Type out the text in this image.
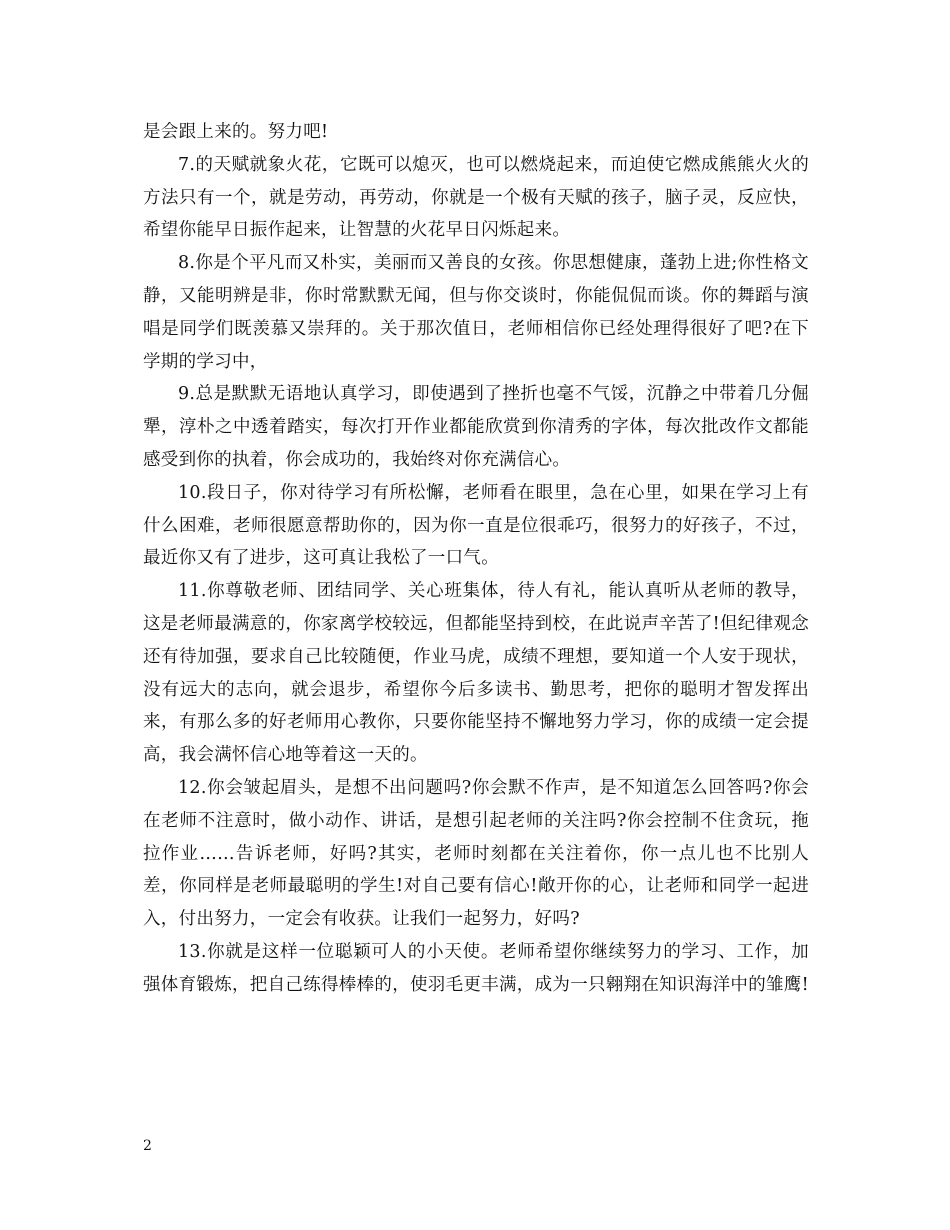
是会跟上来的。努力吧!

7.的天赋就象火花，它既可以熄灭，也可以燃烧起来，而迫使它燃成熊熊火火的方法只有一个，就是劳动，再劳动，你就是一个极有天赋的孩子，脑子灵，反应快，希望你能早日振作起来，让智慧的火花早日闪烁起来。

8.你是个平凡而又朴实，美丽而又善良的女孩。你思想健康，蓬勃上进;你性格文静，又能明辨是非，你时常默默无闻，但与你交谈时，你能侃侃而谈。你的舞蹈与演唱是同学们既羡慕又崇拜的。关于那次值日，老师相信你已经处理得很好了吧?在下学期的学习中，

9.总是默默无语地认真学习，即使遇到了挫折也毫不气馁，沉静之中带着几分倔犟，淳朴之中透着踏实，每次打开作业都能欣赏到你清秀的字体，每次批改作文都能感受到你的执着，你会成功的，我始终对你充满信心。

10.段日子，你对待学习有所松懈，老师看在眼里，急在心里，如果在学习上有什么困难，老师很愿意帮助你的，因为你一直是位很乖巧，很努力的好孩子，不过，最近你又有了进步，这可真让我松了一口气。

11.你尊敬老师、团结同学、关心班集体，待人有礼，能认真听从老师的教导，这是老师最满意的，你家离学校较远，但都能坚持到校，在此说声辛苦了!但纪律观念还有待加强，要求自己比较随便，作业马虎，成绩不理想，要知道一个人安于现状，没有远大的志向，就会退步，希望你今后多读书、勤思考，把你的聪明才智发挥出来，有那么多的好老师用心教你，只要你能坚持不懈地努力学习，你的成绩一定会提高，我会满怀信心地等着这一天的。

12.你会皱起眉头，是想不出问题吗?你会默不作声，是不知道怎么回答吗?你会在老师不注意时，做小动作、讲话，是想引起老师的关注吗?你会控制不住贪玩，拖拉作业……告诉老师，好吗?其实，老师时刻都在关注着你，你一点儿也不比别人差，你同样是老师最聪明的学生!对自己要有信心!敞开你的心，让老师和同学一起进入，付出努力，一定会有收获。让我们一起努力，好吗?

13.你就是这样一位聪颖可人的小天使。老师希望你继续努力的学习、工作，加强体育锻炼，把自己练得棒棒的，使羽毛更丰满，成为一只翱翔在知识海洋中的雏鹰!

2
